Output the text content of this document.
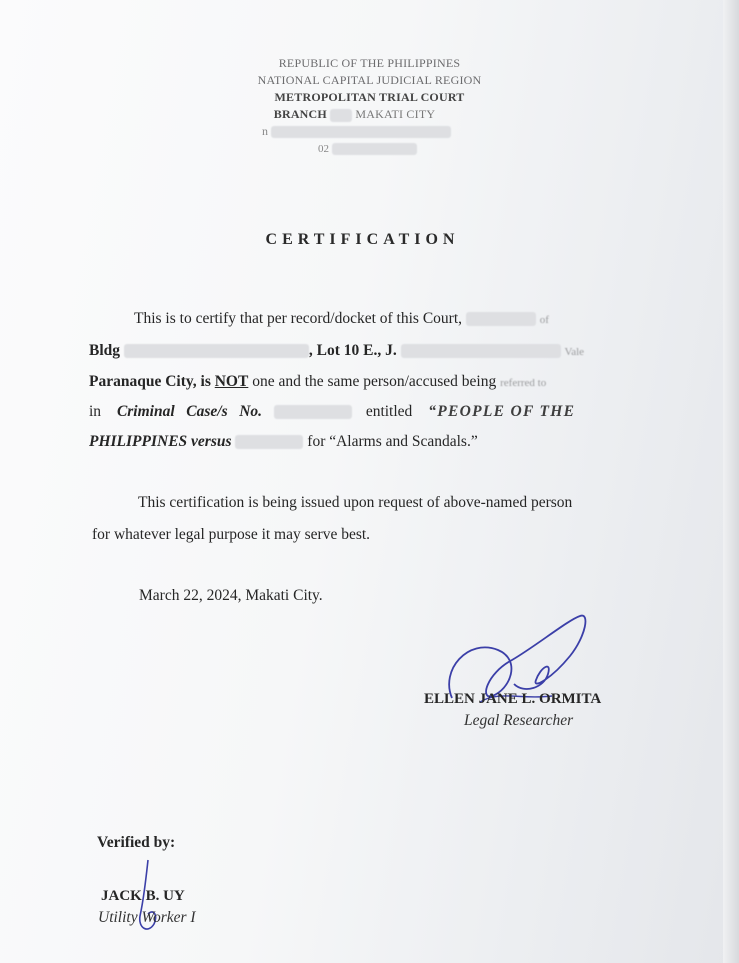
REPUBLIC OF THE PHILIPPINES
NATIONAL CAPITAL JUDICIAL REGION
METROPOLITAN TRIAL COURT
BRANCH MAKATI CITY
n
02
CERTIFICATION
This is to certify that per record/docket of this Court,	of
Bldg	, Lot 10 E., J.	Vale
Paranaque City, is NOT one and the same person/accused being referred to
in Criminal   Case/s   No.	entitled “PEOPLE OF THE
PHILIPPINES versus	for “Alarms and Scandals.”
This certification is being issued upon request of above-named person
for whatever legal purpose it may serve best.
March 22, 2024, Makati City.
ELLEN JANE L. ORMITA
Legal Researcher
Verified by:
JACK B. UY
Utility Worker I
